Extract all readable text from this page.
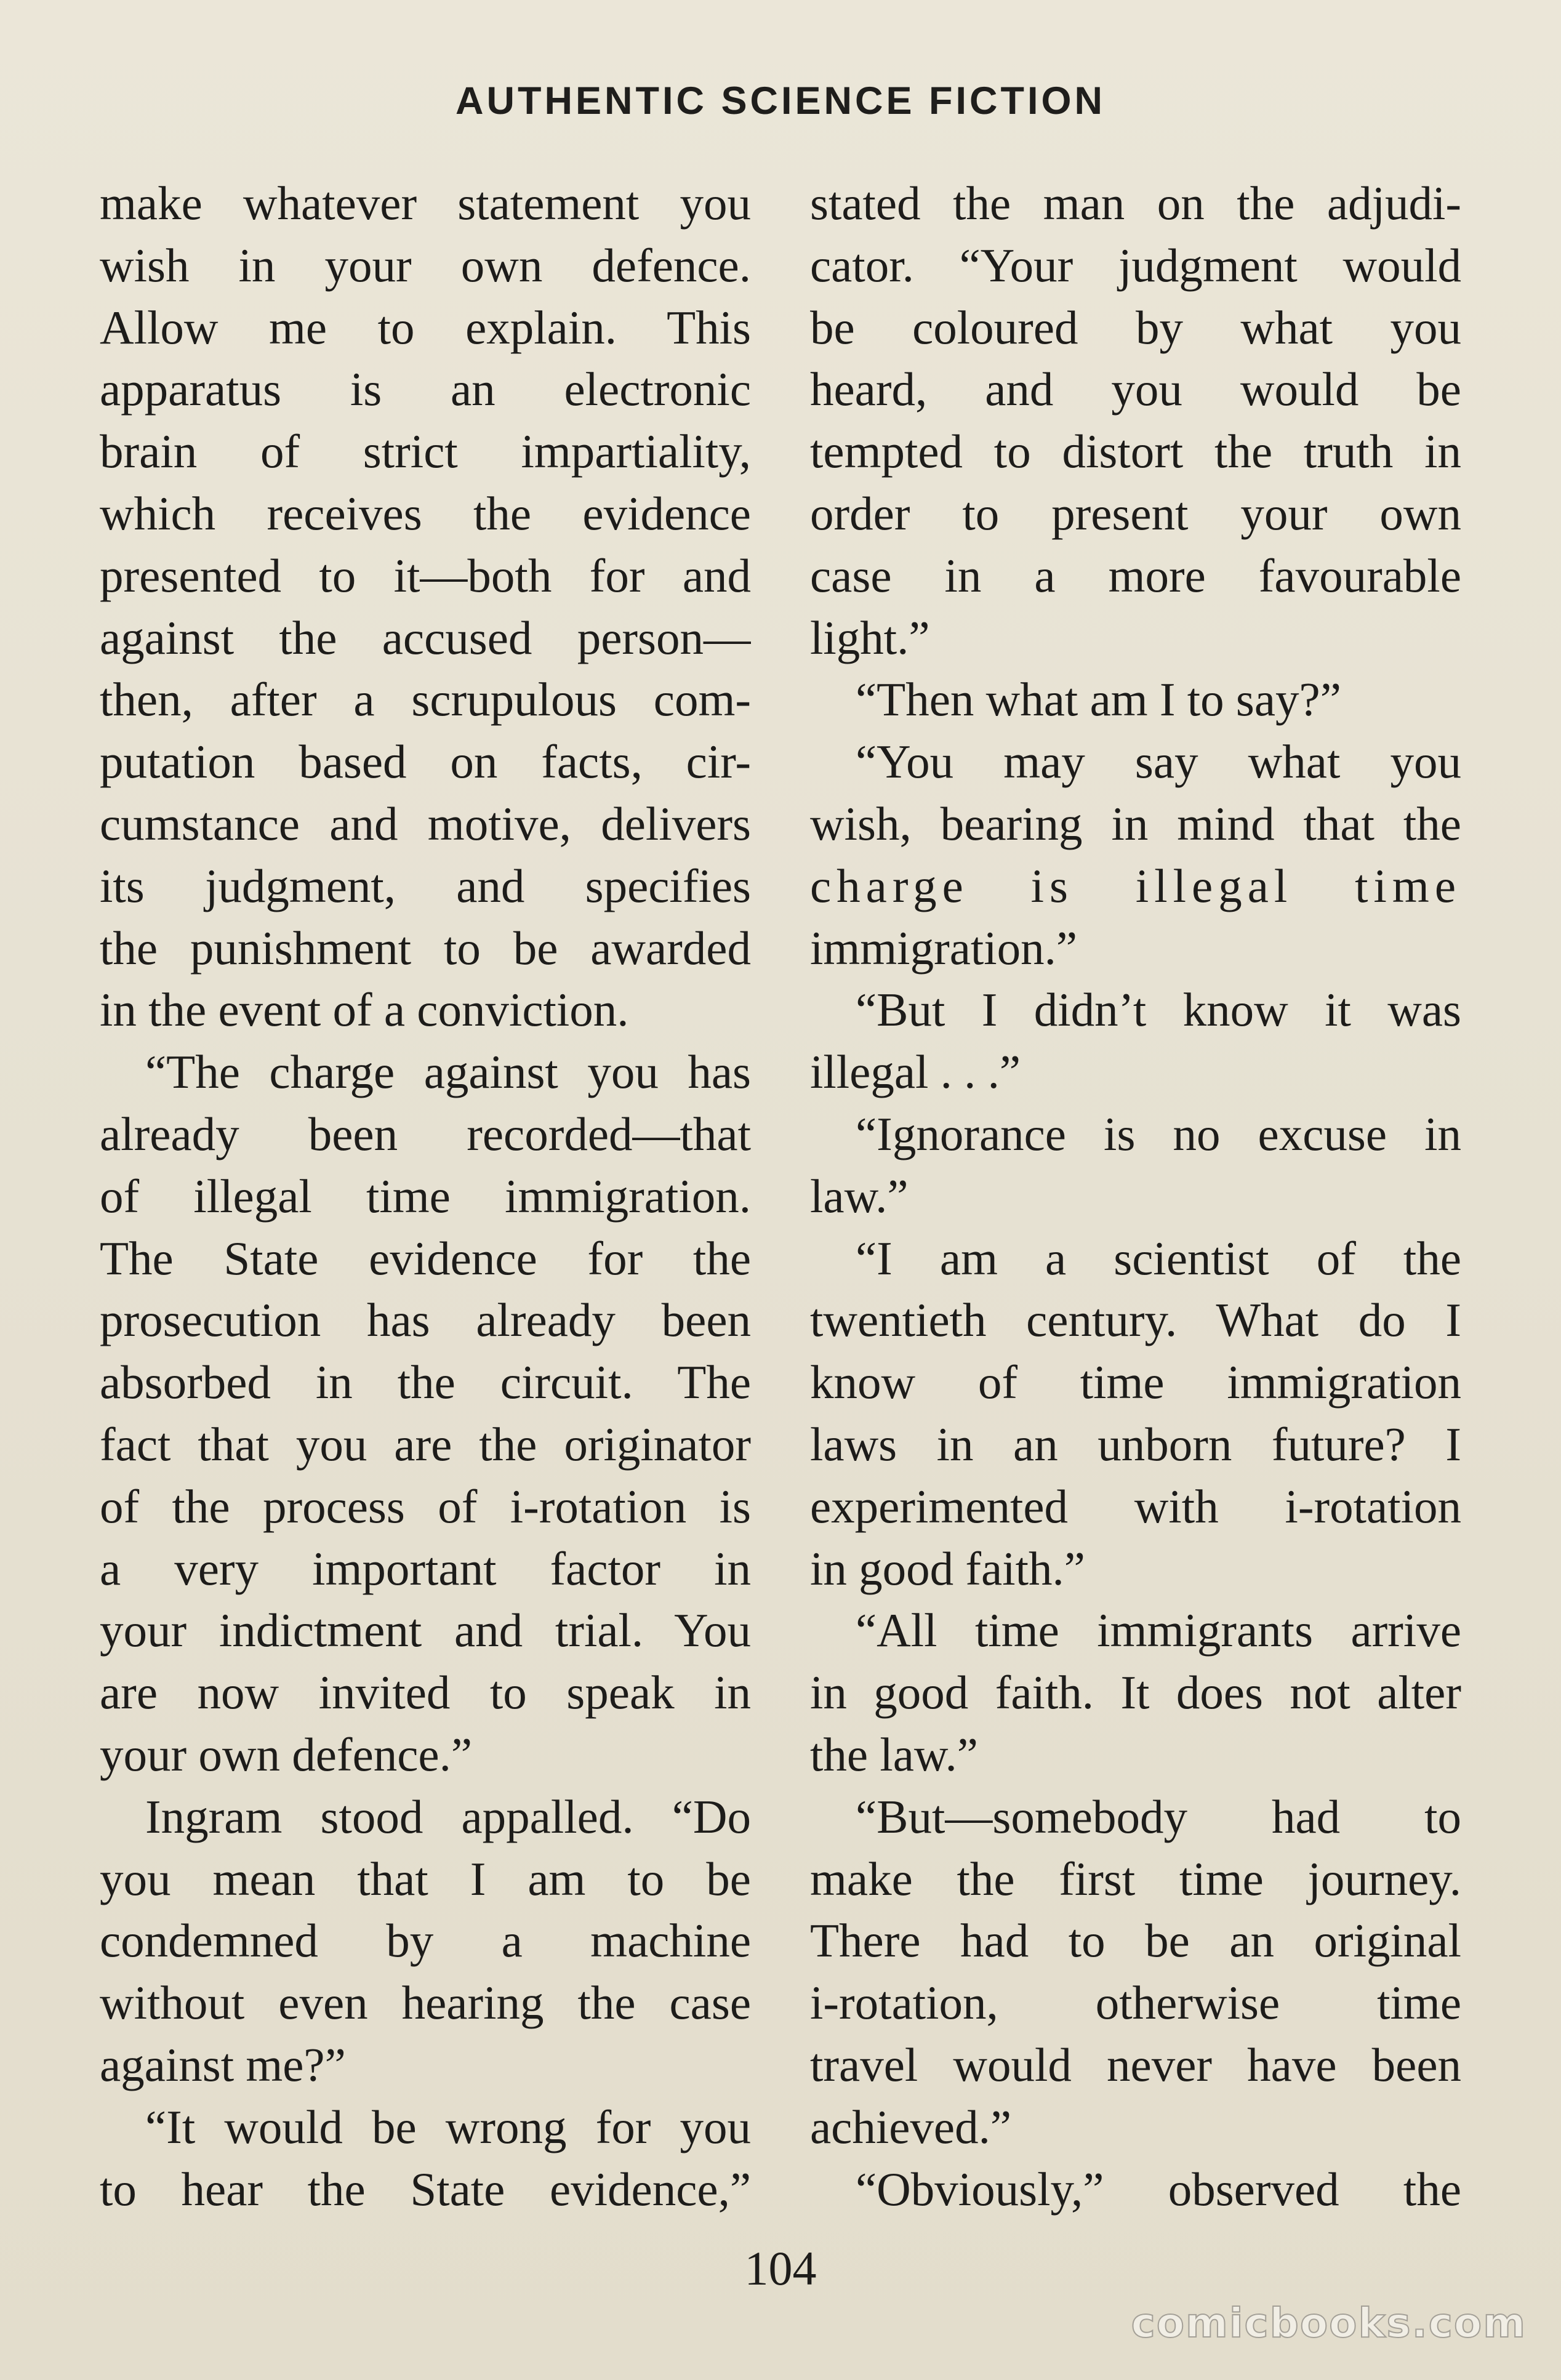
AUTHENTIC SCIENCE FICTION
make whatever statement you
wish in your own defence.
Allow me to explain. This
apparatus is an electronic
brain of strict impartiality,
which receives the evidence
presented to it—both for and
against the accused person—
then, after a scrupulous com-
putation based on facts, cir-
cumstance and motive, delivers
its judgment, and specifies
the punishment to be awarded
in the event of a conviction.
“The charge against you has
already been recorded—that
of illegal time immigration.
The State evidence for the
prosecution has already been
absorbed in the circuit. The
fact that you are the originator
of the process of i-rotation is
a very important factor in
your indictment and trial. You
are now invited to speak in
your own defence.”
Ingram stood appalled. “Do
you mean that I am to be
condemned by a machine
without even hearing the case
against me?”
“It would be wrong for you
to hear the State evidence,”
stated the man on the adjudi-
cator. “Your judgment would
be coloured by what you
heard, and you would be
tempted to distort the truth in
order to present your own
case in a more favourable
light.”
“Then what am I to say?”
“You may say what you
wish, bearing in mind that the
charge is illegal time
immigration.”
“But I didn’t know it was
illegal . . .”
“Ignorance is no excuse in
law.”
“I am a scientist of the
twentieth century. What do I
know of time immigration
laws in an unborn future? I
experimented with i-rotation
in good faith.”
“All time immigrants arrive
in good faith. It does not alter
the law.”
“But—somebody had to
make the first time journey.
There had to be an original
i-rotation, otherwise time
travel would never have been
achieved.”
“Obviously,” observed the
104
comicbooks.com
